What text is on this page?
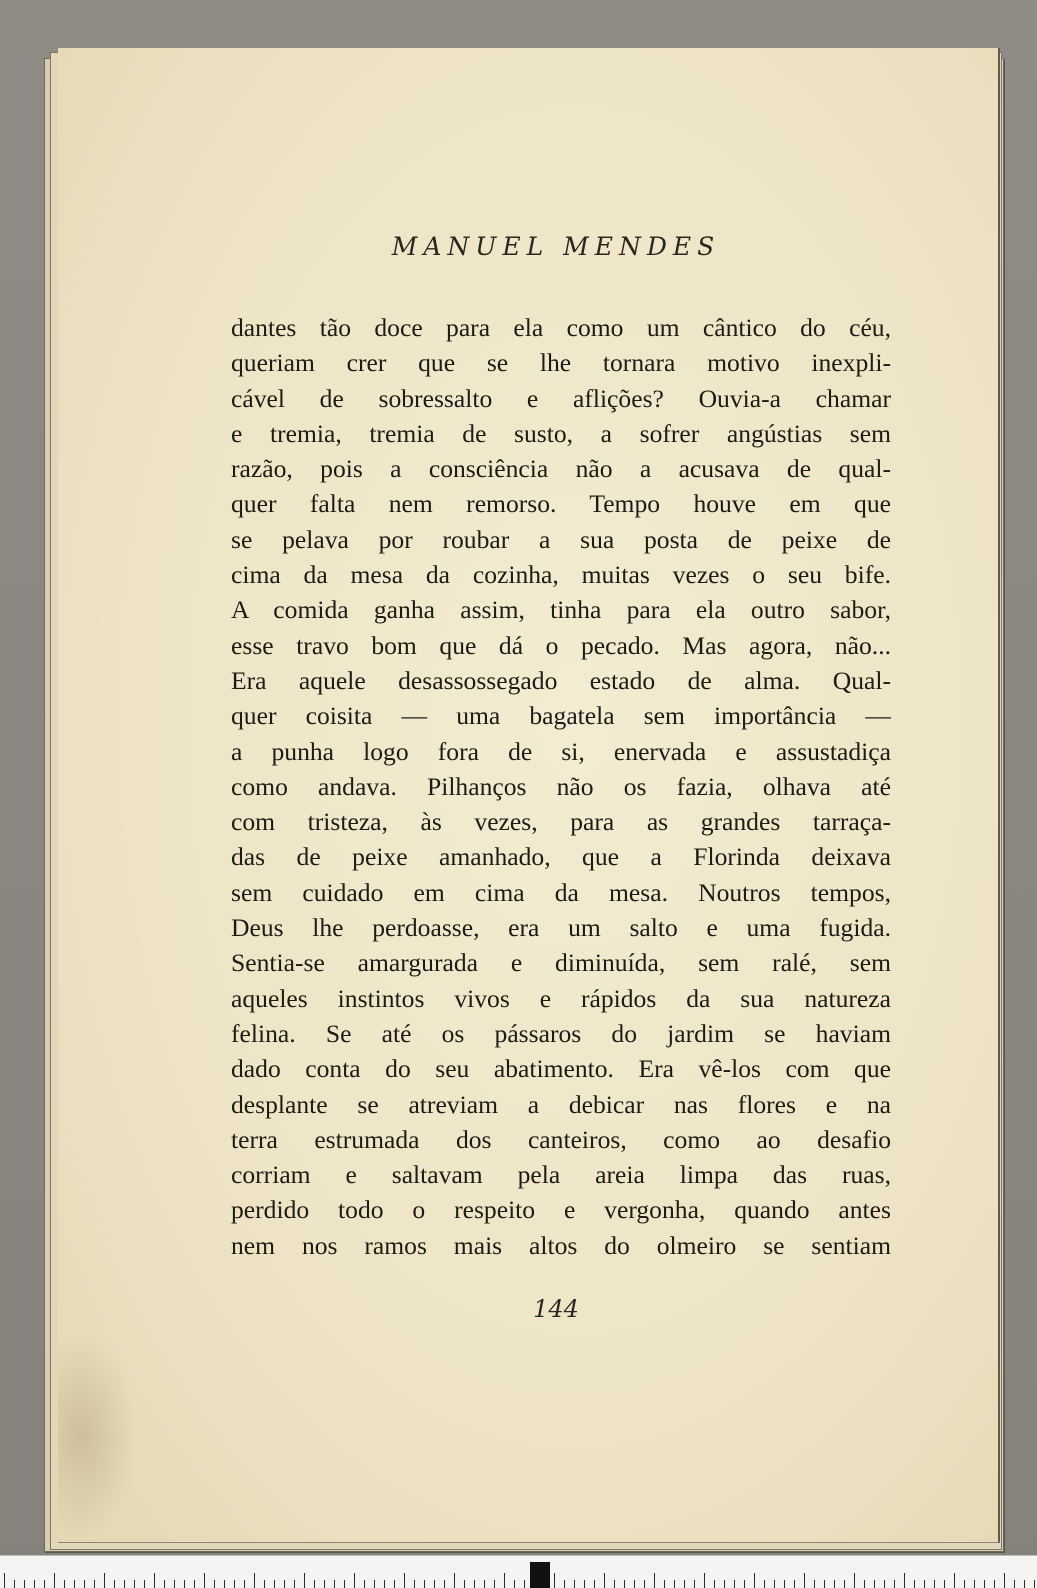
MANUEL MENDES
dantes tão doce para ela como um cântico do céu,
queriam crer que se lhe tornara motivo inexpli-
cável de sobressalto e aflições? Ouvia-a chamar
e tremia, tremia de susto, a sofrer angústias sem
razão, pois a consciência não a acusava de qual-
quer falta nem remorso. Tempo houve em que
se pelava por roubar a sua posta de peixe de
cima da mesa da cozinha, muitas vezes o seu bife.
A comida ganha assim, tinha para ela outro sabor,
esse travo bom que dá o pecado. Mas agora, não...
Era aquele desassossegado estado de alma. Qual-
quer coisita — uma bagatela sem importância —
a punha logo fora de si, enervada e assustadiça
como andava. Pilhanços não os fazia, olhava até
com tristeza, às vezes, para as grandes tarraça-
das de peixe amanhado, que a Florinda deixava
sem cuidado em cima da mesa. Noutros tempos,
Deus lhe perdoasse, era um salto e uma fugida.
Sentia-se amargurada e diminuída, sem ralé, sem
aqueles instintos vivos e rápidos da sua natureza
felina. Se até os pássaros do jardim se haviam
dado conta do seu abatimento. Era vê-los com que
desplante se atreviam a debicar nas flores e na
terra estrumada dos canteiros, como ao desafio
corriam e saltavam pela areia limpa das ruas,
perdido todo o respeito e vergonha, quando antes
nem nos ramos mais altos do olmeiro se sentiam
144
